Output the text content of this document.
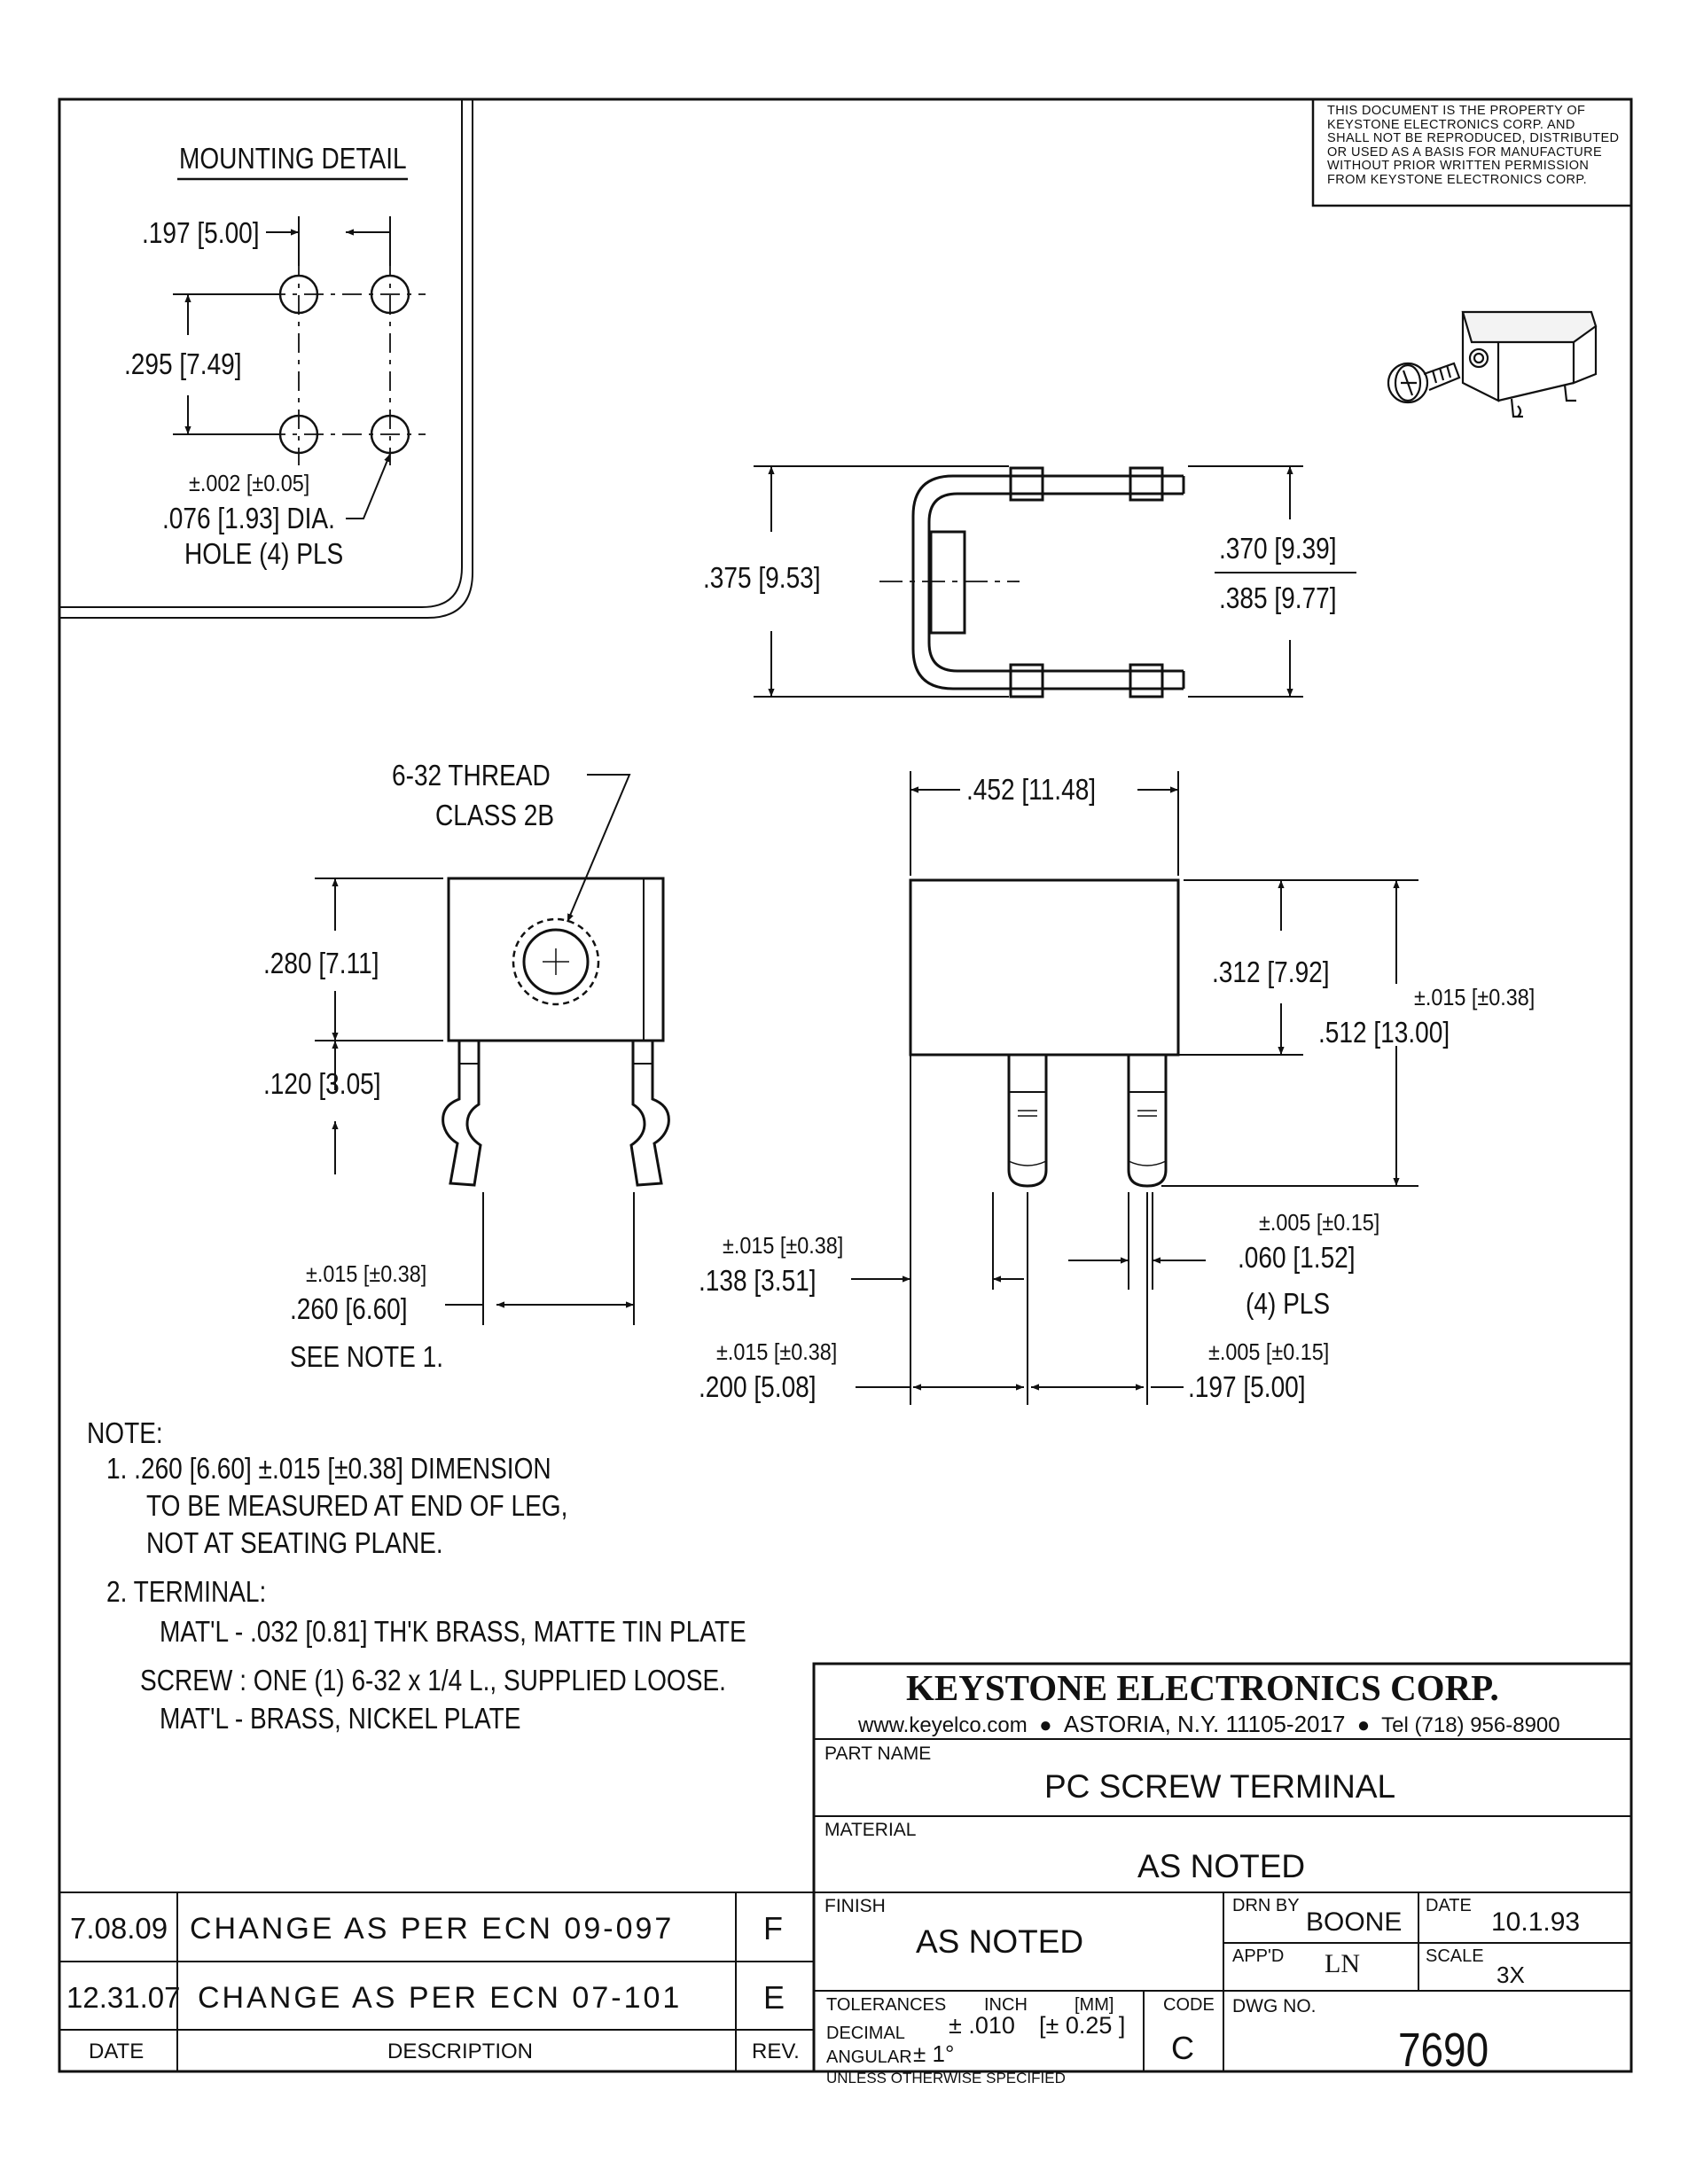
THIS DOCUMENT IS THE PROPERTY OF
KEYSTONE ELECTRONICS CORP. AND
SHALL NOT BE REPRODUCED, DISTRIBUTED
OR USED AS A BASIS FOR MANUFACTURE
WITHOUT PRIOR WRITTEN PERMISSION
FROM KEYSTONE ELECTRONICS CORP.
MOUNTING DETAIL
.197 [5.00]
.295 [7.49]
±.002 [±0.05]
.076 [1.93] DIA.
HOLE (4) PLS
.375 [9.53]
.370 [9.39]
.385 [9.77]
6-32 THREAD
CLASS 2B
.280 [7.11]
.120 [3.05]
±.015 [±0.38]
.260 [6.60]
SEE NOTE 1.
.452 [11.48]
.312 [7.92]
±.015 [±0.38]
.512 [13.00]
±.005 [±0.15]
.060 [1.52]
(4) PLS
±.015 [±0.38]
.138 [3.51]
±.015 [±0.38]
.200 [5.08]
±.005 [±0.15]
.197 [5.00]
NOTE:
1. .260 [6.60] ±.015 [±0.38] DIMENSION
TO BE MEASURED AT END OF LEG,
NOT AT SEATING PLANE.
2. TERMINAL:
MAT'L - .032 [0.81] TH'K BRASS, MATTE TIN PLATE
SCREW : ONE (1) 6-32 x 1/4 L., SUPPLIED LOOSE.
MAT'L - BRASS, NICKEL PLATE
7.08.09 CHANGE AS PER ECN 09-097	F
12.31.07 CHANGE AS PER ECN 07-101	E
DATE	DESCRIPTION	REV.
KEYSTONE ELECTRONICS CORP.
www.keyelco.com  ●  ASTORIA, N.Y. 11105-2017  ●  Tel (718) 956-8900
PART NAME
PC SCREW TERMINAL
MATERIAL
AS NOTED
FINISH
AS NOTED
DRN BY
BOONE
DATE
10.1.93
APP'D LN	SCALE
3X
TOLERANCES INCH	[MM]	CODE
DECIMAL ± .010 [± 0.25 ]
ANGULAR ± 1°
UNLESS OTHERWISE SPECIFIED
C
DWG NO.
7690
